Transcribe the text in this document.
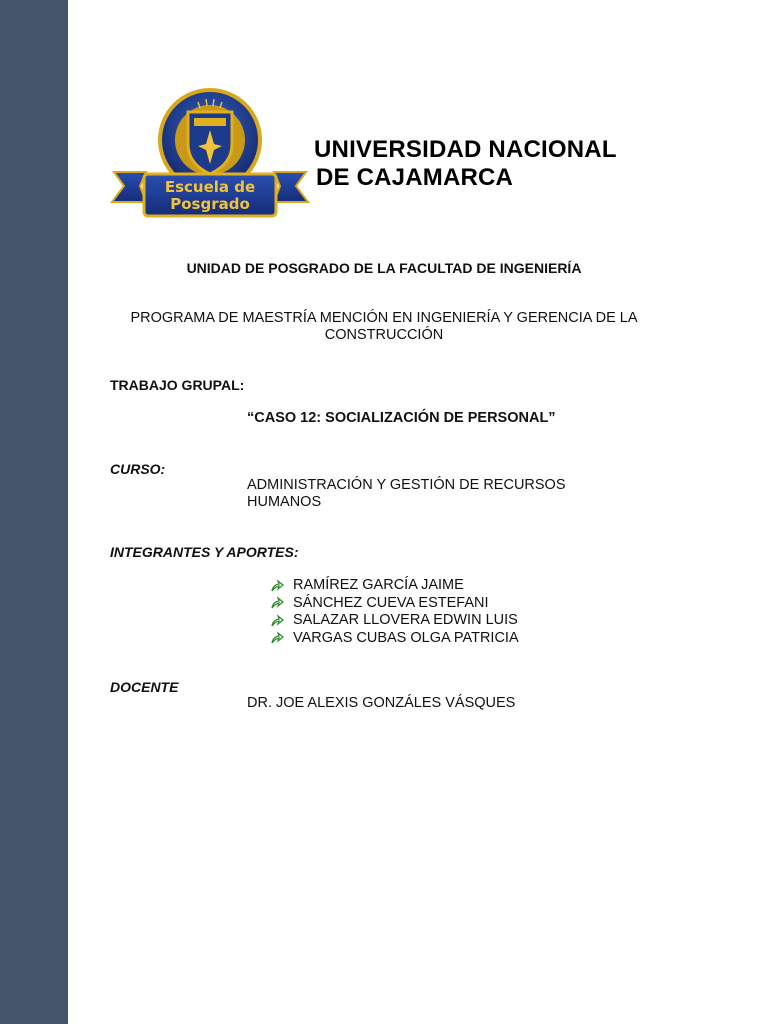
Escuela de
Posgrado
UNIVERSIDAD NACIONAL
DE CAJAMARCA
UNIDAD DE POSGRADO DE LA FACULTAD DE INGENIERÍA
PROGRAMA DE MAESTRÍA MENCIÓN EN INGENIERÍA Y GERENCIA DE LA
CONSTRUCCIÓN
TRABAJO GRUPAL:
“CASO 12: SOCIALIZACIÓN DE PERSONAL”
CURSO:
ADMINISTRACIÓN Y GESTIÓN DE RECURSOS
HUMANOS
INTEGRANTES Y APORTES:
RAMÍREZ GARCÍA JAIME
SÁNCHEZ CUEVA ESTEFANI
SALAZAR LLOVERA EDWIN LUIS
VARGAS CUBAS OLGA PATRICIA
DOCENTE
DR. JOE ALEXIS GONZÁLES VÁSQUES
